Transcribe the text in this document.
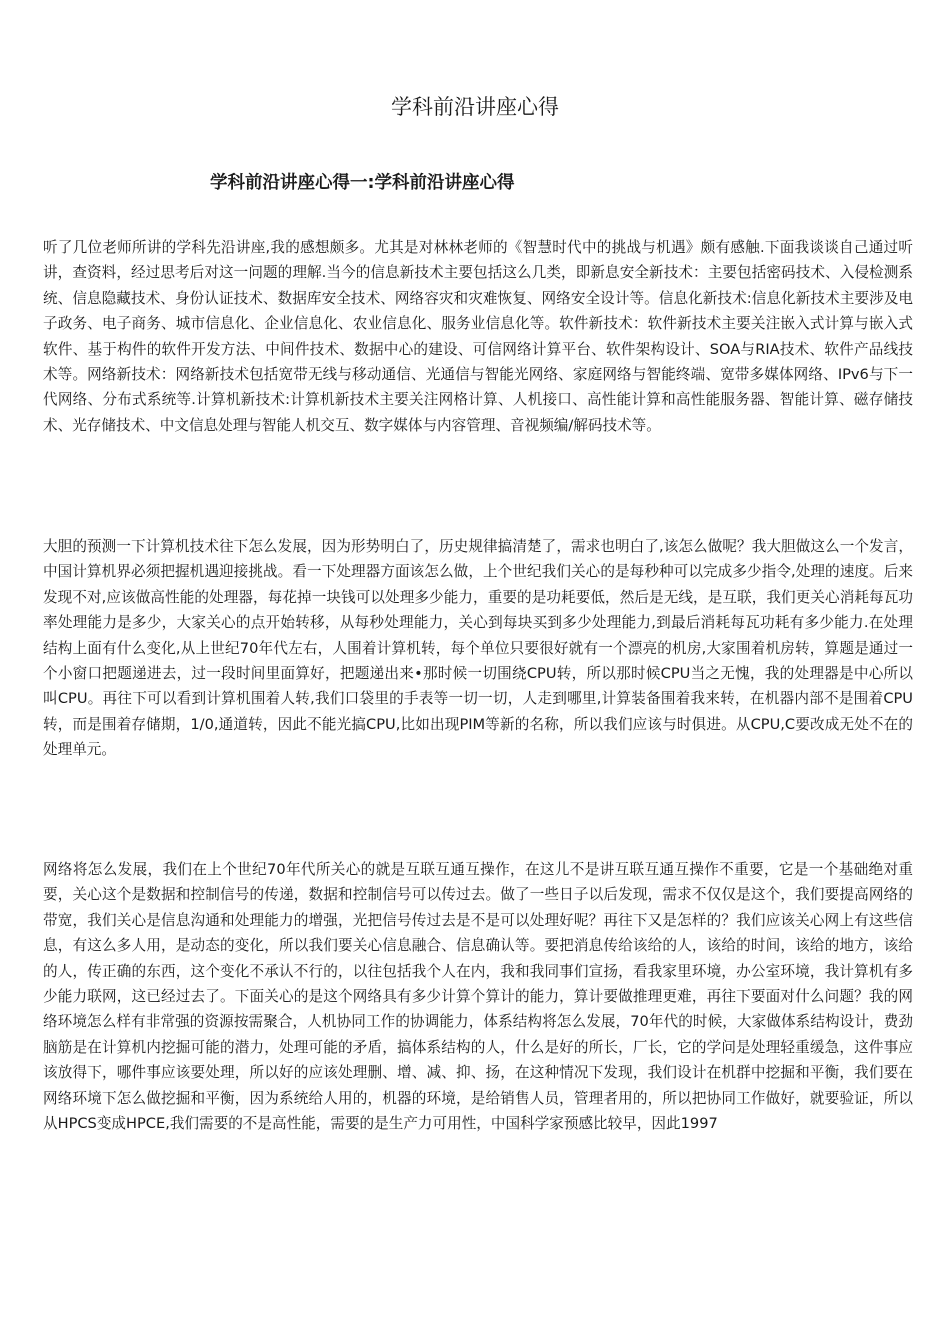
学科前沿讲座心得
学科前沿讲座心得一:学科前沿讲座心得

听了几位老师所讲的学科先沿讲座,我的感想颇多。尤其是对林林老师的《智慧时代中的挑战与机遇》颇有感触.下面我谈谈自己通过听讲，查资料，经过思考后对这一问题的理解.当今的信息新技术主要包括这么几类，即新息安全新技术：主要包括密码技术、入侵检测系统、信息隐藏技术、身份认证技术、数据库安全技术、网络容灾和灾难恢复、网络安全设计等。信息化新技术:信息化新技术主要涉及电子政务、电子商务、城市信息化、企业信息化、农业信息化、服务业信息化等。软件新技术：软件新技术主要关注嵌入式计算与嵌入式软件、基于构件的软件开发方法、中间件技术、数据中心的建设、可信网络计算平台、软件架构设计、SOA与RIA技术、软件产品线技术等。网络新技术：网络新技术包括宽带无线与移动通信、光通信与智能光网络、家庭网络与智能终端、宽带多媒体网络、IPv6与下一代网络、分布式系统等.计算机新技术:计算机新技术主要关注网格计算、人机接口、高性能计算和高性能服务器、智能计算、磁存储技术、光存储技术、中文信息处理与智能人机交互、数字媒体与内容管理、音视频编/解码技术等。

大胆的预测一下计算机技术往下怎么发展，因为形势明白了，历史规律搞清楚了，需求也明白了,该怎么做呢？我大胆做这么一个发言，中国计算机界必须把握机遇迎接挑战。看一下处理器方面该怎么做，上个世纪我们关心的是每秒种可以完成多少指令,处理的速度。后来发现不对,应该做高性能的处理器，每花掉一块钱可以处理多少能力，重要的是功耗要低，然后是无线，是互联，我们更关心消耗每瓦功率处理能力是多少，大家关心的点开始转移，从每秒处理能力，关心到每块买到多少处理能力,到最后消耗每瓦功耗有多少能力.在处理结构上面有什么变化,从上世纪70年代左右，人围着计算机转，每个单位只要很好就有一个漂亮的机房,大家围着机房转，算题是通过一个小窗口把题递进去，过一段时间里面算好，把题递出来•那时候一切围绕CPU转，所以那时候CPU当之无愧，我的处理器是中心所以叫CPU。再往下可以看到计算机围着人转,我们口袋里的手表等一切一切，人走到哪里,计算装备围着我来转，在机器内部不是围着CPU转，而是围着存储期，1/0,通道转，因此不能光搞CPU,比如出现PIM等新的名称，所以我们应该与时俱进。从CPU,C要改成无处不在的处理单元。

网络将怎么发展，我们在上个世纪70年代所关心的就是互联互通互操作，在这儿不是讲互联互通互操作不重要，它是一个基础绝对重要，关心这个是数据和控制信号的传递，数据和控制信号可以传过去。做了一些日子以后发现，需求不仅仅是这个，我们要提高网络的带宽，我们关心是信息沟通和处理能力的增强，光把信号传过去是不是可以处理好呢？再往下又是怎样的？我们应该关心网上有这些信息，有这么多人用，是动态的变化，所以我们要关心信息融合、信息确认等。要把消息传给该给的人，该给的时间，该给的地方，该给的人，传正确的东西，这个变化不承认不行的，以往包括我个人在内，我和我同事们宣扬，看我家里环境，办公室环境，我计算机有多少能力联网，这已经过去了。下面关心的是这个网络具有多少计算个算计的能力，算计要做推理更难，再往下要面对什么问题？我的网络环境怎么样有非常强的资源按需聚合，人机协同工作的协调能力，体系结构将怎么发展，70年代的时候，大家做体系结构设计，费劲脑筋是在计算机内挖掘可能的潜力，处理可能的矛盾，搞体系结构的人，什么是好的所长，厂长，它的学问是处理轻重缓急，这件事应该放得下，哪件事应该要处理，所以好的应该处理删、增、减、抑、扬，在这种情况下发现，我们设计在机群中挖掘和平衡，我们要在网络环境下怎么做挖掘和平衡，因为系统给人用的，机器的环境，是给销售人员，管理者用的，所以把协同工作做好，就要验证，所以从HPCS变成HPCE,我们需要的不是高性能，需要的是生产力可用性，中国科学家预感比较早，因此1997
